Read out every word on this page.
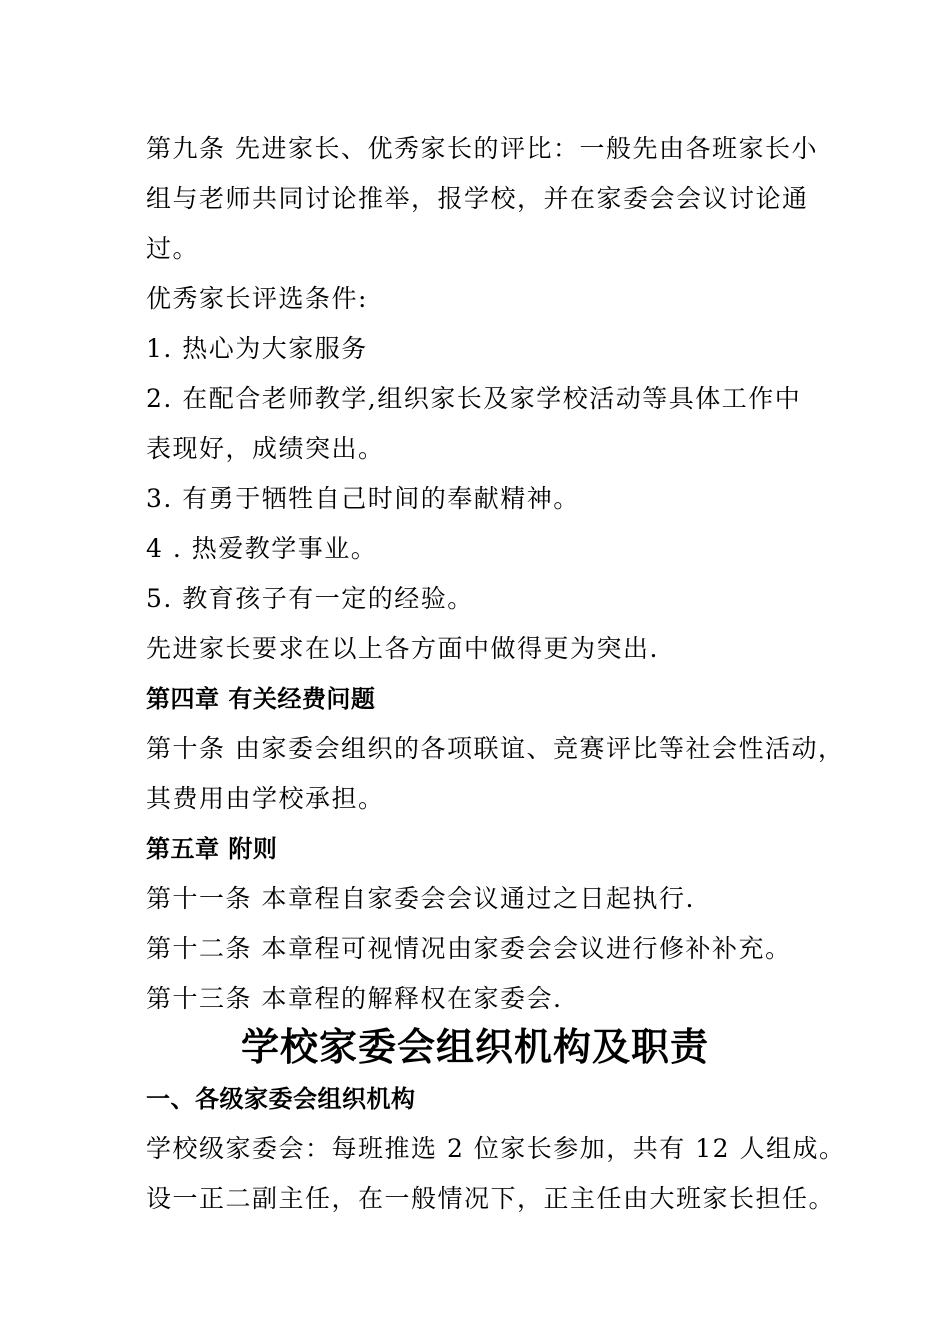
第九条 先进家长、优秀家长的评比：一般先由各班家长小
组与老师共同讨论推举，报学校，并在家委会会议讨论通
过。
优秀家长评选条件:
1. 热心为大家服务
2. 在配合老师教学,组织家长及家学校活动等具体工作中
表现好，成绩突出。
3. 有勇于牺牲自己时间的奉献精神。
4 . 热爱教学事业。
5. 教育孩子有一定的经验。
先进家长要求在以上各方面中做得更为突出.
第四章 有关经费问题
第十条 由家委会组织的各项联谊、竞赛评比等社会性活动，
其费用由学校承担。
第五章 附则
第十一条 本章程自家委会会议通过之日起执行.
第十二条 本章程可视情况由家委会会议进行修补补充。
第十三条 本章程的解释权在家委会.
学校家委会组织机构及职责
一、各级家委会组织机构
学校级家委会：每班推选 2 位家长参加，共有 12 人组成。
设一正二副主任，在一般情况下，正主任由大班家长担任。
